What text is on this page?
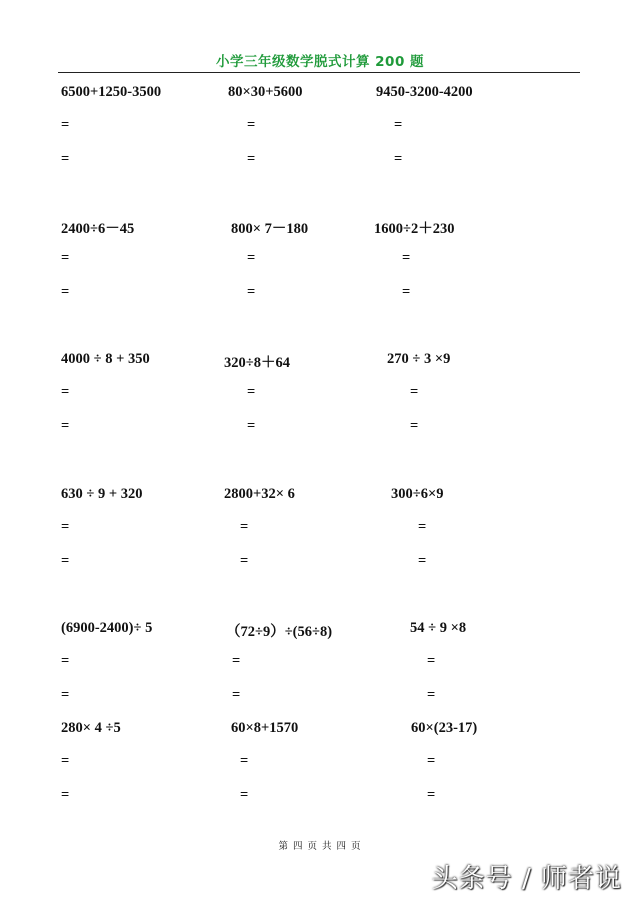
小学三年级数学脱式计算 200 题
6500+1250-3500
=
=
80×30+5600
=
=
9450-3200-4200
=
=
2400÷6－45
=
=
800× 7－180
=
=
1600÷2＋230
=
=
4000 ÷ 8 + 350
=
=
320÷8＋64
=
=
270 ÷ 3 ×9
=
=
630 ÷ 9 + 320
=
=
2800+32× 6
=
=
300÷6×9
=
=
(6900-2400)÷ 5
=
=
（72÷9）÷(56÷8)
=
=
54 ÷ 9 ×8
=
=
280× 4 ÷5
=
=
60×8+1570
=
=
60×(23-17)
=
=
第 四 页 共 四 页
头条号 / 师者说
